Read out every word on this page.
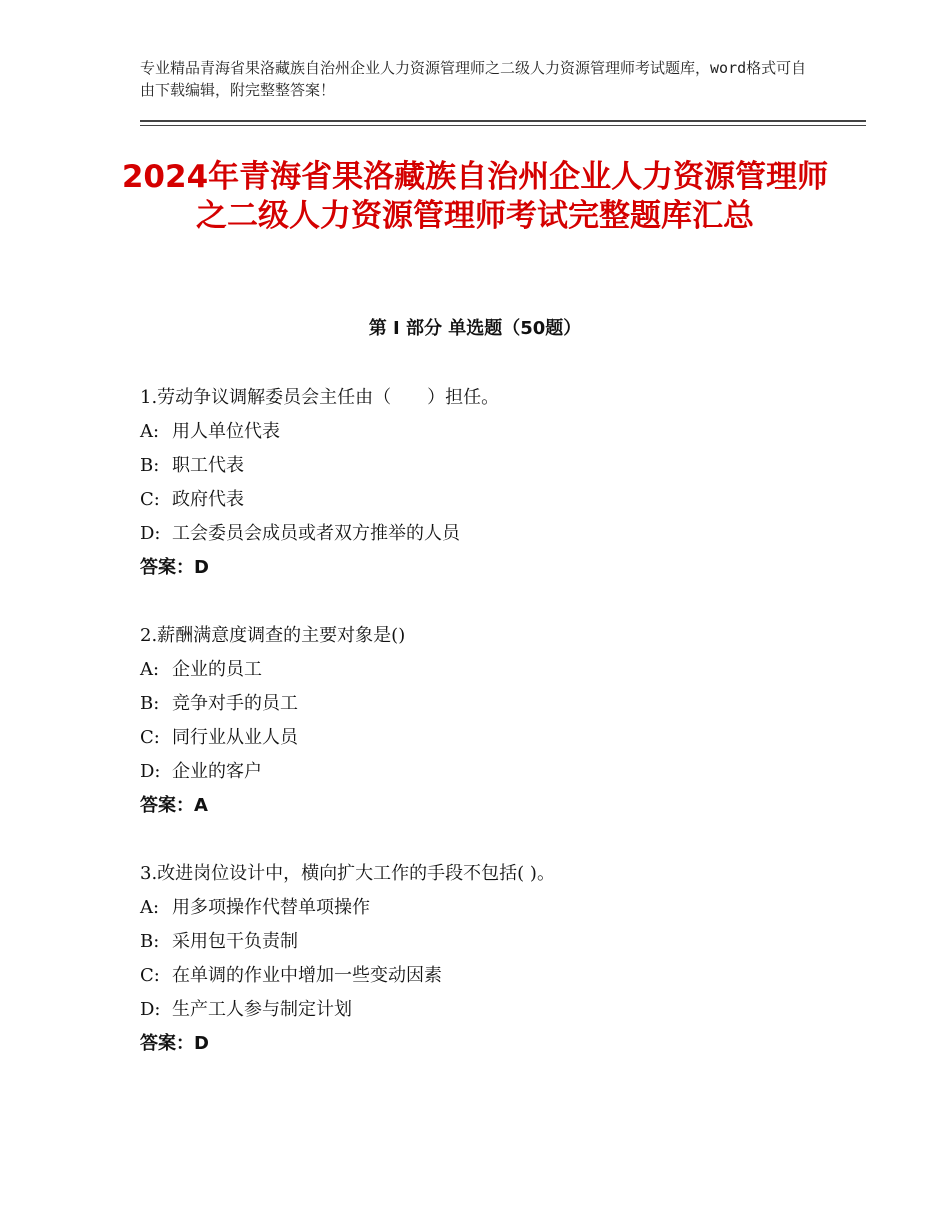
专业精品青海省果洛藏族自治州企业人力资源管理师之二级人力资源管理师考试题库，word格式可自由下载编辑，附完整整答案！
2024年青海省果洛藏族自治州企业人力资源管理师之二级人力资源管理师考试完整题库汇总
第 I 部分 单选题（50题）
1.劳动争议调解委员会主任由（　　）担任。
A: 用人单位代表
B: 职工代表
C: 政府代表
D: 工会委员会成员或者双方推举的人员
答案：D
2.薪酬满意度调查的主要对象是()
A: 企业的员工
B: 竞争对手的员工
C: 同行业从业人员
D: 企业的客户
答案：A
3.改进岗位设计中，横向扩大工作的手段不包括( )。
A: 用多项操作代替单项操作
B: 采用包干负责制
C: 在单调的作业中增加一些变动因素
D: 生产工人参与制定计划
答案：D
